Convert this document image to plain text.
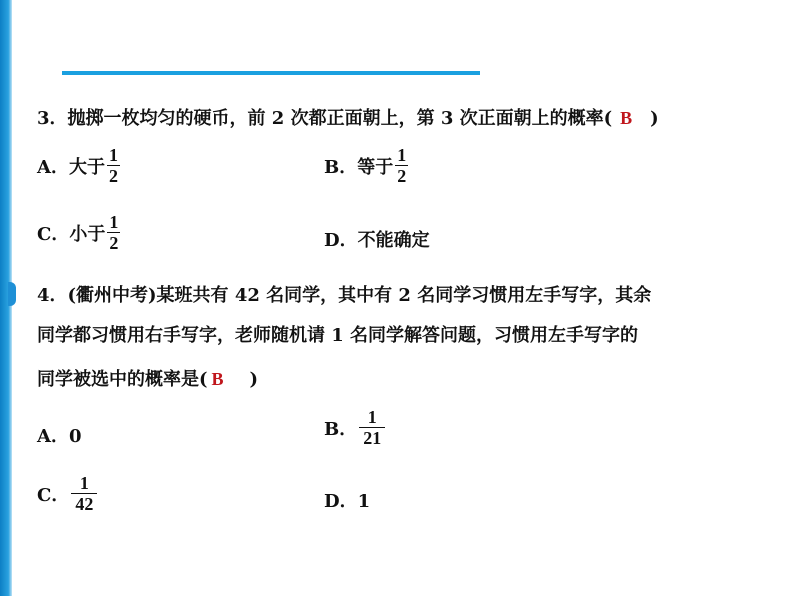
3．抛掷一枚均匀的硬币，前 2 次都正面朝上，第 3 次正面朝上的概率( B )
A．大于 $\frac{1}{2}$	B．等于 $\frac{1}{2}$
C．小于 $\frac{1}{2}$	D．不能确定
4．(衢州中考)某班共有 42 名同学，其中有 2 名同学习惯用左手写字，其余
同学都习惯用右手写字，老师随机请 1 名同学解答问题，习惯用左手写字的
同学被选中的概率是( B )
A．0	B． $\frac{1}{21}$
C． $\frac{1}{42}$	D．1
